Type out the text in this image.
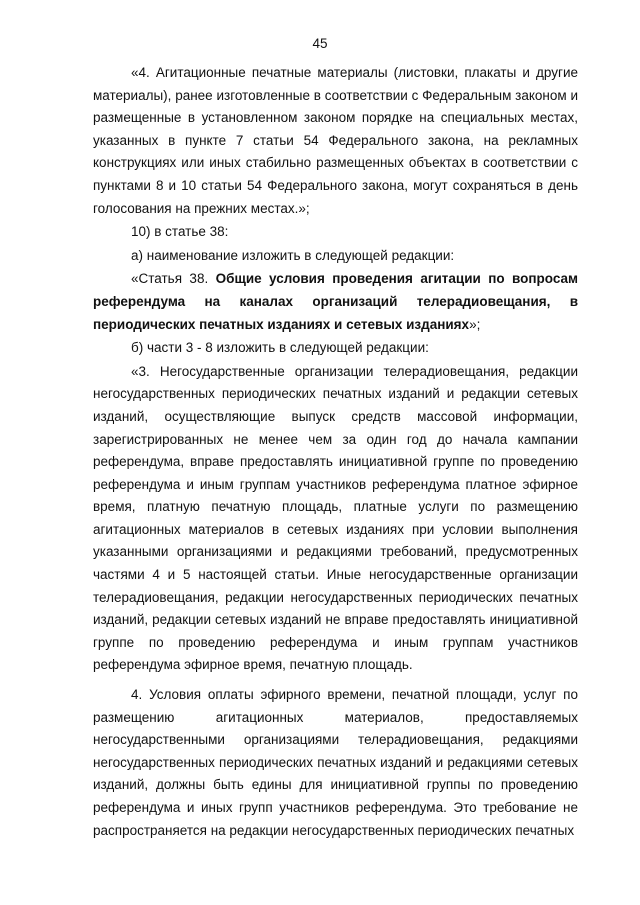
45

«4. Агитационные печатные материалы (листовки, плакаты и другие материалы), ранее изготовленные в соответствии с Федеральным законом и размещенные в установленном законом порядке на специальных местах, указанных в пункте 7 статьи 54 Федерального закона, на рекламных конструкциях или иных стабильно размещенных объектах в соответствии с пунктами 8 и 10 статьи 54 Федерального закона, могут сохраняться в день голосования на прежних местах.»;

10) в статье 38:

а) наименование изложить в следующей редакции:

«Статья 38. Общие условия проведения агитации по вопросам референдума на каналах организаций телерадиовещания, в периодических печатных изданиях и сетевых изданиях»;

б) части 3 - 8 изложить в следующей редакции:

«3. Негосударственные организации телерадиовещания, редакции негосударственных периодических печатных изданий и редакции сетевых изданий, осуществляющие выпуск средств массовой информации, зарегистрированных не менее чем за один год до начала кампании референдума, вправе предоставлять инициативной группе по проведению референдума и иным группам участников референдума платное эфирное время, платную печатную площадь, платные услуги по размещению агитационных материалов в сетевых изданиях при условии выполнения указанными организациями и редакциями требований, предусмотренных частями 4 и 5 настоящей статьи. Иные негосударственные организации телерадиовещания, редакции негосударственных периодических печатных изданий, редакции сетевых изданий не вправе предоставлять инициативной группе по проведению референдума и иным группам участников референдума эфирное время, печатную площадь.

4. Условия оплаты эфирного времени, печатной площади, услуг по размещению агитационных материалов, предоставляемых негосударственными организациями телерадиовещания, редакциями негосударственных периодических печатных изданий и редакциями сетевых изданий, должны быть едины для инициативной группы по проведению референдума и иных групп участников референдума. Это требование не распространяется на редакции негосударственных периодических печатных
